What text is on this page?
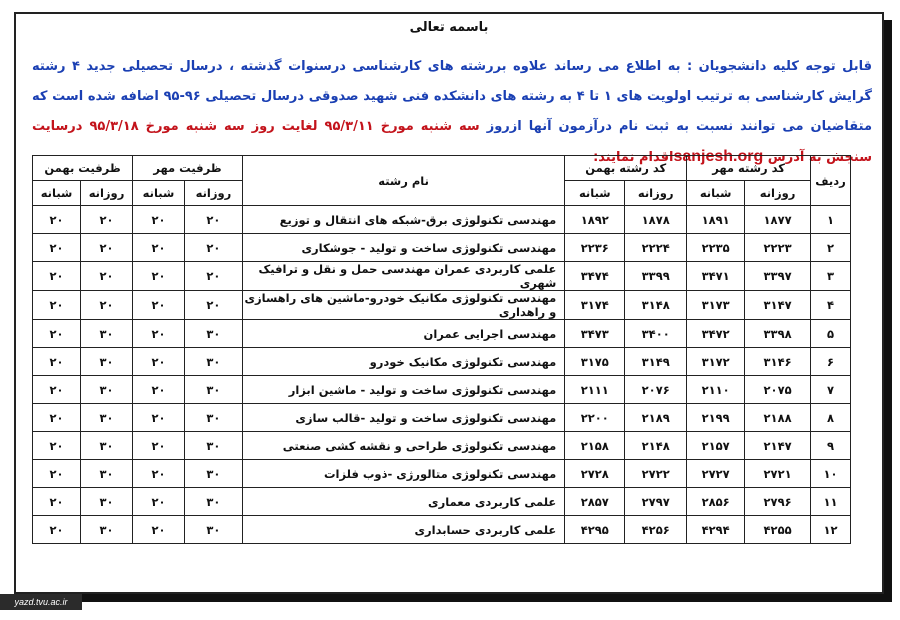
باسمه تعالی
قابل توجه کلیه دانشجویان : به اطلاع می رساند علاوه بررشته های کارشناسی درسنوات گذشته ، درسال تحصیلی جدید ۴ رشته گرایش کارشناسی به ترتیب اولویت های ۱ تا ۴ به رشته های دانشکده فنی شهید صدوقی درسال تحصیلی ۹۶-۹۵ اضافه شده است که متقاضیان می توانند نسبت به ثبت نام درآزمون آنها ازروز سه شنبه مورخ ۹۵/۳/۱۱ لغایت روز سه شنبه مورخ ۹۵/۳/۱۸ درسایت سنجش به آدرس sanjesh.orgاقدام نمایند:
ردیف	کد رشته مهر		کد رشته بهمن		نام رشته	ظرفیت مهر		ظرفیت بهمن	
	روزانه	شبانه	روزانه	شبانه		روزانه	شبانه	روزانه	شبانه
۱	۱۸۷۷	۱۸۹۱	۱۸۷۸	۱۸۹۲	مهندسی تکنولوژی برق-شبکه های انتقال و توزیع	۲۰	۲۰	۲۰	۲۰
۲	۲۲۲۳	۲۲۳۵	۲۲۲۴	۲۲۳۶	مهندسی تکنولوژی ساخت و تولید - جوشکاری	۲۰	۲۰	۲۰	۲۰
۳	۳۳۹۷	۳۴۷۱	۳۳۹۹	۳۴۷۴	علمی کاربردی عمران مهندسی حمل و نقل و ترافیک شهری	۲۰	۲۰	۲۰	۲۰
۴	۳۱۴۷	۳۱۷۳	۳۱۴۸	۳۱۷۴	مهندسی تکنولوژی مکانیک خودرو-ماشین های راهسازی و راهداری	۲۰	۲۰	۲۰	۲۰
۵	۳۳۹۸	۳۴۷۲	۳۴۰۰	۳۴۷۳	مهندسی اجرایی عمران	۳۰	۲۰	۳۰	۲۰
۶	۳۱۴۶	۳۱۷۲	۳۱۴۹	۳۱۷۵	مهندسی تکنولوژی مکانیک خودرو	۳۰	۲۰	۳۰	۲۰
۷	۲۰۷۵	۲۱۱۰	۲۰۷۶	۲۱۱۱	مهندسی تکنولوژی ساخت و تولید - ماشین ابزار	۳۰	۲۰	۳۰	۲۰
۸	۲۱۸۸	۲۱۹۹	۲۱۸۹	۲۲۰۰	مهندسی تکنولوژی ساخت و تولید -قالب سازی	۳۰	۲۰	۳۰	۲۰
۹	۲۱۴۷	۲۱۵۷	۲۱۴۸	۲۱۵۸	مهندسی تکنولوژی طراحی و نقشه کشی صنعتی	۳۰	۲۰	۳۰	۲۰
۱۰	۲۷۲۱	۲۷۲۷	۲۷۲۲	۲۷۲۸	مهندسی تکنولوژی متالورژی -ذوب فلزات	۳۰	۲۰	۳۰	۲۰
۱۱	۲۷۹۶	۲۸۵۶	۲۷۹۷	۲۸۵۷	علمی کاربردی معماری	۳۰	۲۰	۳۰	۲۰
۱۲	۴۲۵۵	۴۲۹۴	۴۲۵۶	۴۲۹۵	علمی کاربردی حسابداری	۳۰	۲۰	۳۰	۲۰
yazd.tvu.ac.ir
